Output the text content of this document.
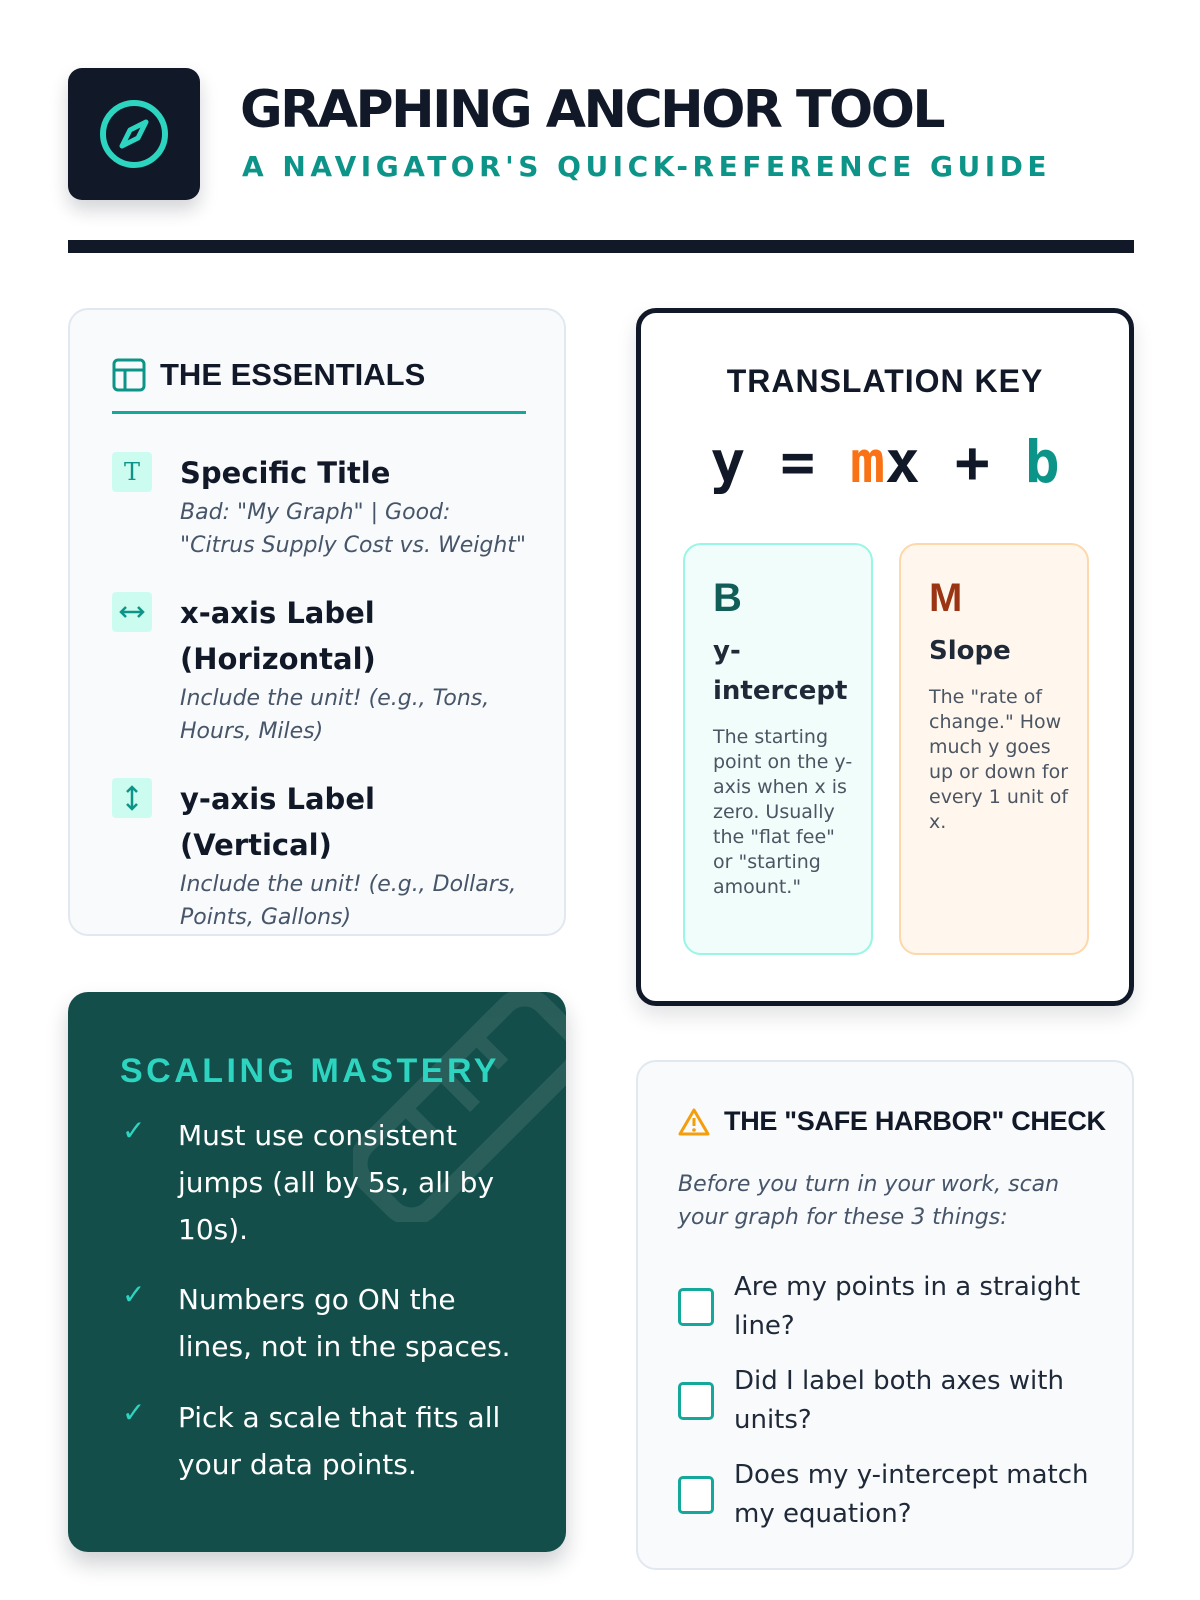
GRAPHING ANCHOR TOOL
A NAVIGATOR'S QUICK-REFERENCE GUIDE
THE ESSENTIALS
T	Specific Title
Bad: "My Graph" | Good: "Citrus Supply Cost vs. Weight"
x-axis Label (Horizontal)
Include the unit! (e.g., Tons, Hours, Miles)
y-axis Label (Vertical)
Include the unit! (e.g., Dollars, Points, Gallons)
TRANSLATION KEY
y = mx + b
B
y-
intercept
The starting point on the y-axis when x is zero. Usually the "flat fee" or "starting amount."
M
Slope
The "rate of change." How much y goes up or down for every 1 unit of x.
SCALING MASTERY
✓	Must use consistent jumps (all by 5s, all by 10s).
✓	Numbers go ON the lines, not in the spaces.
✓	Pick a scale that fits all your data points.
THE "SAFE HARBOR" CHECK
Before you turn in your work, scan your graph for these 3 things:
Are my points in a straight line?
Did I label both axes with units?
Does my y-intercept match my equation?
